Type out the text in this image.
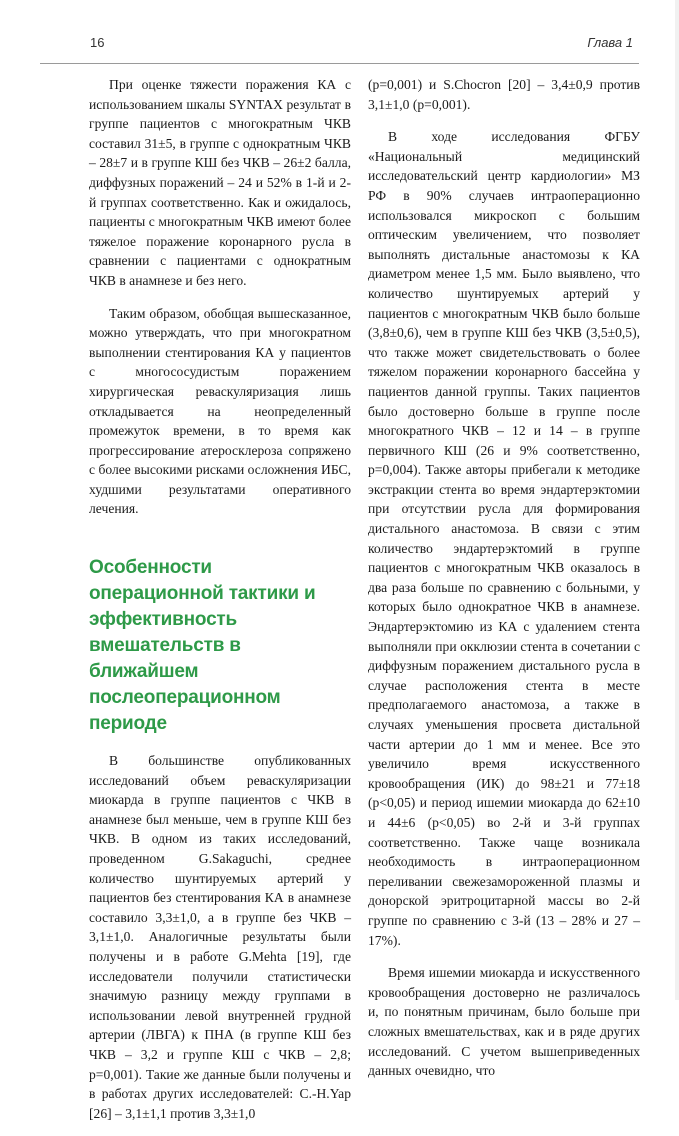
16	Глава 1

При оценке тяжести поражения КА с использованием шкалы SYNTAX результат в группе пациентов с многократным ЧКВ составил 31±5, в группе с однократным ЧКВ – 28±7 и в группе КШ без ЧКВ – 26±2 балла, диффузных поражений – 24 и 52% в 1-й и 2-й группах соответственно. Как и ожидалось, пациенты с многократным ЧКВ имеют более тяжелое поражение коронарного русла в сравнении с пациентами с однократным ЧКВ в анамнезе и без него.

Таким образом, обобщая вышесказанное, можно утверждать, что при многократном выполнении стентирования КА у пациентов с многососудистым поражением хирургическая реваскуляризация лишь откладывается на неопределенный промежуток времени, в то время как прогрессирование атеросклероза сопряжено с более высокими рисками осложнения ИБС, худшими результатами оперативного лечения.

Особенности операционной тактики и эффективность вмешательств в ближайшем послеоперационном периоде

В большинстве опубликованных исследований объем реваскуляризации миокарда в группе пациентов с ЧКВ в анамнезе был меньше, чем в группе КШ без ЧКВ. В одном из таких исследований, проведенном G.Sakaguchi, среднее количество шунтируемых артерий у пациентов без стентирования КА в анамнезе составило 3,3±1,0, а в группе без ЧКВ – 3,1±1,0. Аналогичные результаты были получены и в работе G.Mehta [19], где исследователи получили статистически значимую разницу между группами в использовании левой внутренней грудной артерии (ЛВГА) к ПНА (в группе КШ без ЧКВ – 3,2 и группе КШ с ЧКВ – 2,8; p=0,001). Такие же данные были получены и в работах других исследователей: C.-H.Yap [26] – 3,1±1,1 против 3,3±1,0

(p=0,001) и S.Chocron [20] – 3,4±0,9 против 3,1±1,0 (p=0,001).

В ходе исследования ФГБУ «Национальный медицинский исследовательский центр кардиологии» МЗ РФ в 90% случаев интраоперационно использовался микроскоп с большим оптическим увеличением, что позволяет выполнять дистальные анастомозы к КА диаметром менее 1,5 мм. Было выявлено, что количество шунтируемых артерий у пациентов с многократным ЧКВ было больше (3,8±0,6), чем в группе КШ без ЧКВ (3,5±0,5), что также может свидетельствовать о более тяжелом поражении коронарного бассейна у пациентов данной группы. Таких пациентов было достоверно больше в группе после многократного ЧКВ – 12 и 14 – в группе первичного КШ (26 и 9% соответственно, p=0,004). Также авторы прибегали к методике экстракции стента во время эндартерэктомии при отсутствии русла для формирования дистального анастомоза. В связи с этим количество эндартерэктомий в группе пациентов с многократным ЧКВ оказалось в два раза больше по сравнению с больными, у которых было однократное ЧКВ в анамнезе. Эндартерэктомию из КА с удалением стента выполняли при окклюзии стента в сочетании с диффузным поражением дистального русла в случае расположения стента в месте предполагаемого анастомоза, а также в случаях уменьшения просвета дистальной части артерии до 1 мм и менее. Все это увеличило время искусственного кровообращения (ИК) до 98±21 и 77±18 (p<0,05) и период ишемии миокарда до 62±10 и 44±6 (p<0,05) во 2-й и 3-й группах соответственно. Также чаще возникала необходимость в интраоперационном переливании свежезамороженной плазмы и донорской эритроцитарной массы во 2-й группе по сравнению с 3-й (13 – 28% и 27 – 17%).

Время ишемии миокарда и искусственного кровообращения достоверно не различалось и, по понятным причинам, было больше при сложных вмешательствах, как и в ряде других исследований. С учетом вышеприведенных данных очевидно, что
